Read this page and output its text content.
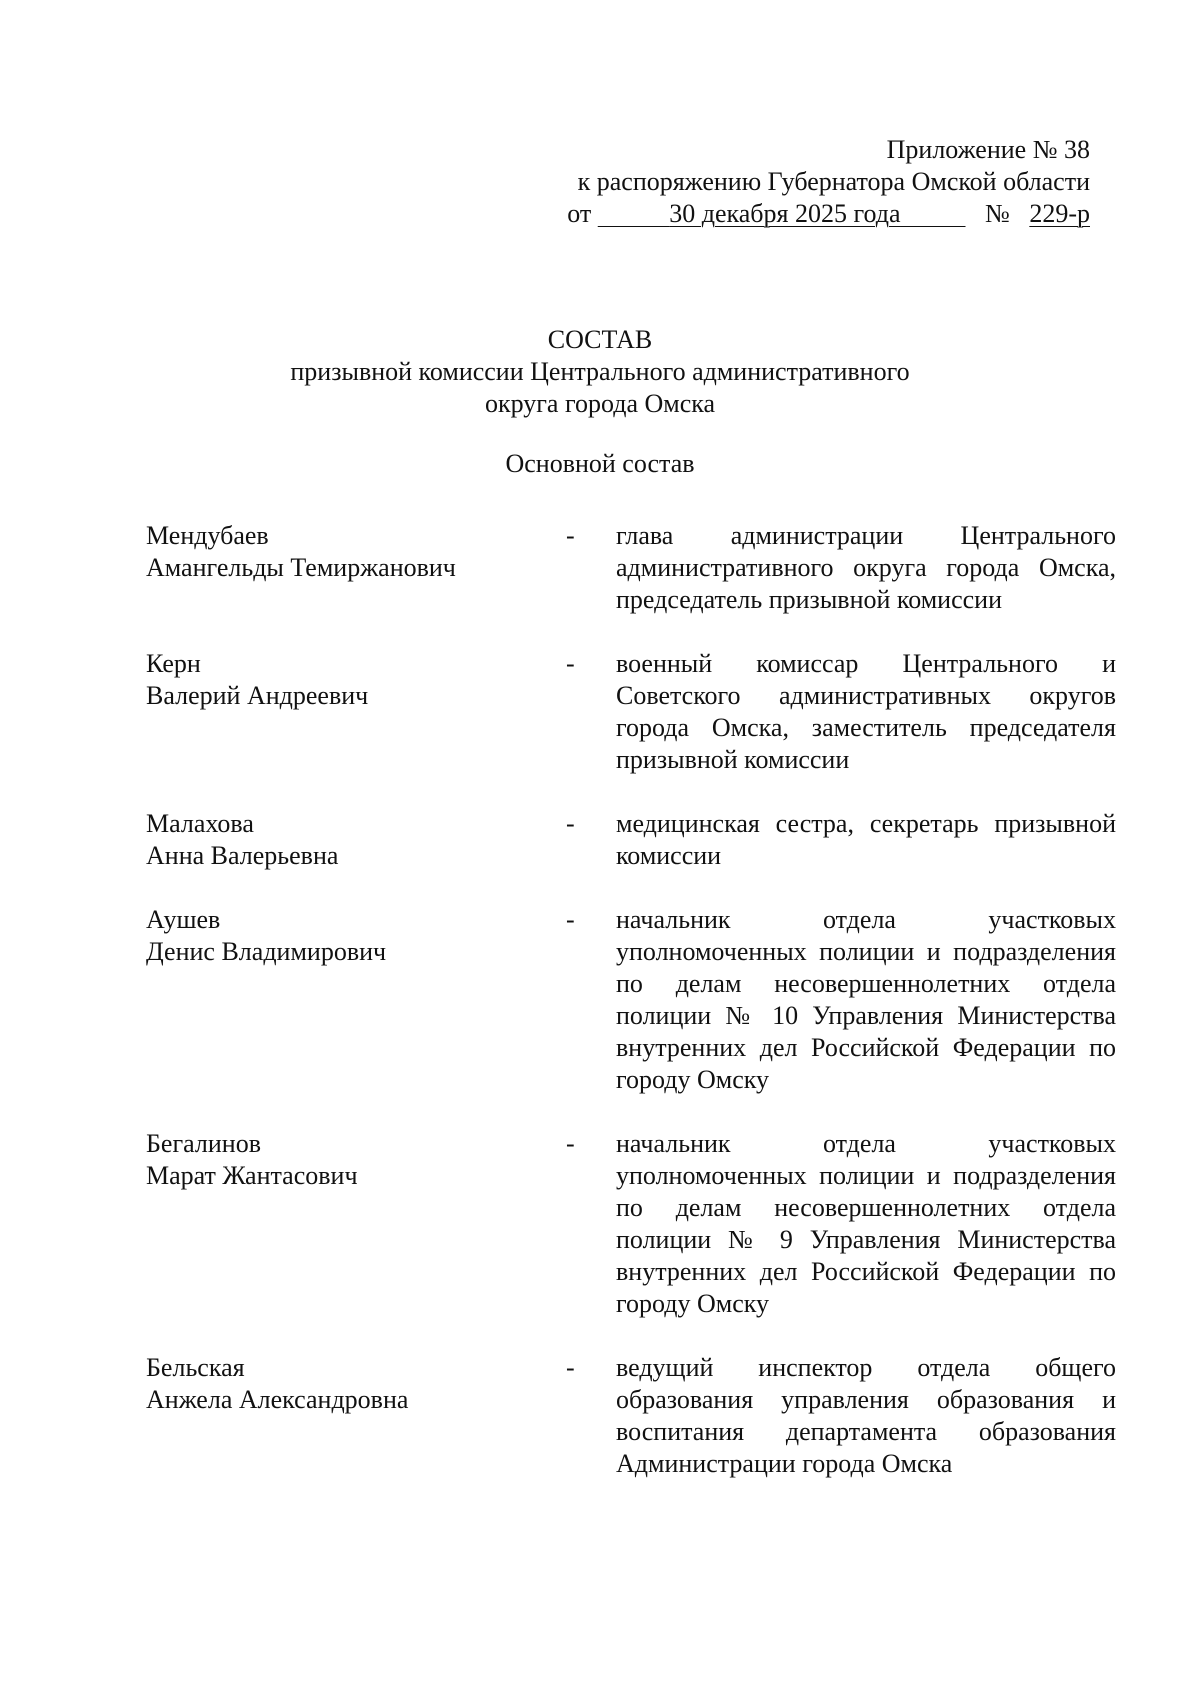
Приложение № 38
к распоряжению Губернатора Омской области
от	30 декабря 2025 года	№ 229-р
СОСТАВ
призывной комиссии Центрального административного
округа города Омска
Основной состав
Мендубаев
Амангельды Темиржанович
-	глава администрации Центрального административного округа города Омска, председатель призывной комиссии
Керн
Валерий Андреевич
-	военный комиссар Центрального и Советского административных округов города Омска, заместитель председателя призывной комиссии
Малахова
Анна Валерьевна
-	медицинская сестра, секретарь призывной комиссии
Аушев
Денис Владимирович
-	начальник отдела участковых уполномоченных полиции и подразделения по делам несовершеннолетних отдела полиции № 10 Управления Министерства внутренних дел Российской Федерации по городу Омску
Бегалинов
Марат Жантасович
-	начальник отдела участковых уполномоченных полиции и подразделения по делам несовершеннолетних отдела полиции № 9 Управления Министерства внутренних дел Российской Федерации по городу Омску
Бельская
Анжела Александровна
-	ведущий инспектор отдела общего образования управления образования и воспитания департамента образования Администрации города Омска
